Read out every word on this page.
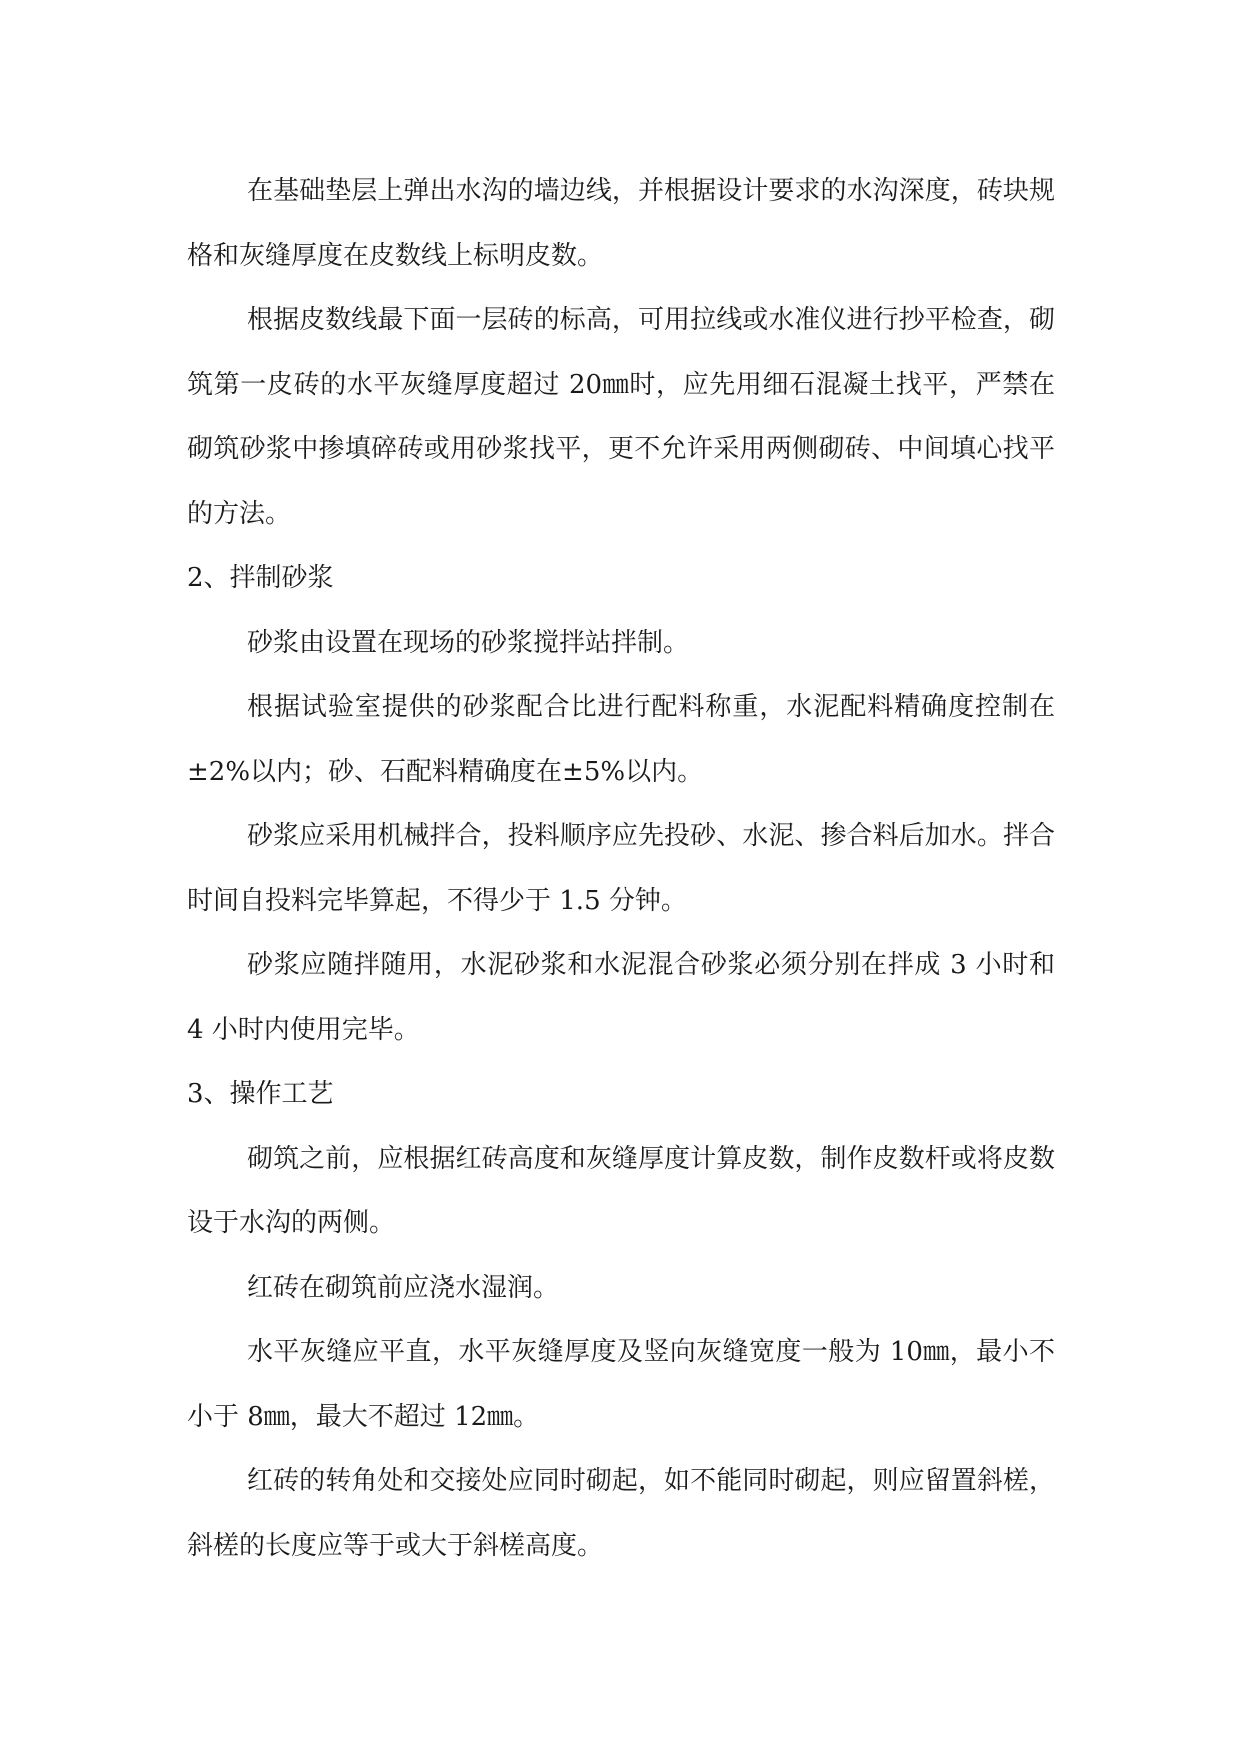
在基础垫层上弹出水沟的墙边线，并根据设计要求的水沟深度，砖块规格和灰缝厚度在皮数线上标明皮数。

根据皮数线最下面一层砖的标高，可用拉线或水准仪进行抄平检查，砌筑第一皮砖的水平灰缝厚度超过 20㎜时，应先用细石混凝土找平，严禁在砌筑砂浆中掺填碎砖或用砂浆找平，更不允许采用两侧砌砖、中间填心找平的方法。

2、拌制砂浆

砂浆由设置在现场的砂浆搅拌站拌制。

根据试验室提供的砂浆配合比进行配料称重，水泥配料精确度控制在±2%以内；砂、石配料精确度在±5%以内。

砂浆应采用机械拌合，投料顺序应先投砂、水泥、掺合料后加水。拌合时间自投料完毕算起，不得少于 1.5 分钟。

砂浆应随拌随用，水泥砂浆和水泥混合砂浆必须分别在拌成 3 小时和 4 小时内使用完毕。

3、操作工艺

砌筑之前，应根据红砖高度和灰缝厚度计算皮数，制作皮数杆或将皮数设于水沟的两侧。

红砖在砌筑前应浇水湿润。

水平灰缝应平直，水平灰缝厚度及竖向灰缝宽度一般为 10㎜，最小不小于 8㎜，最大不超过 12㎜。

红砖的转角处和交接处应同时砌起，如不能同时砌起，则应留置斜槎，斜槎的长度应等于或大于斜槎高度。
